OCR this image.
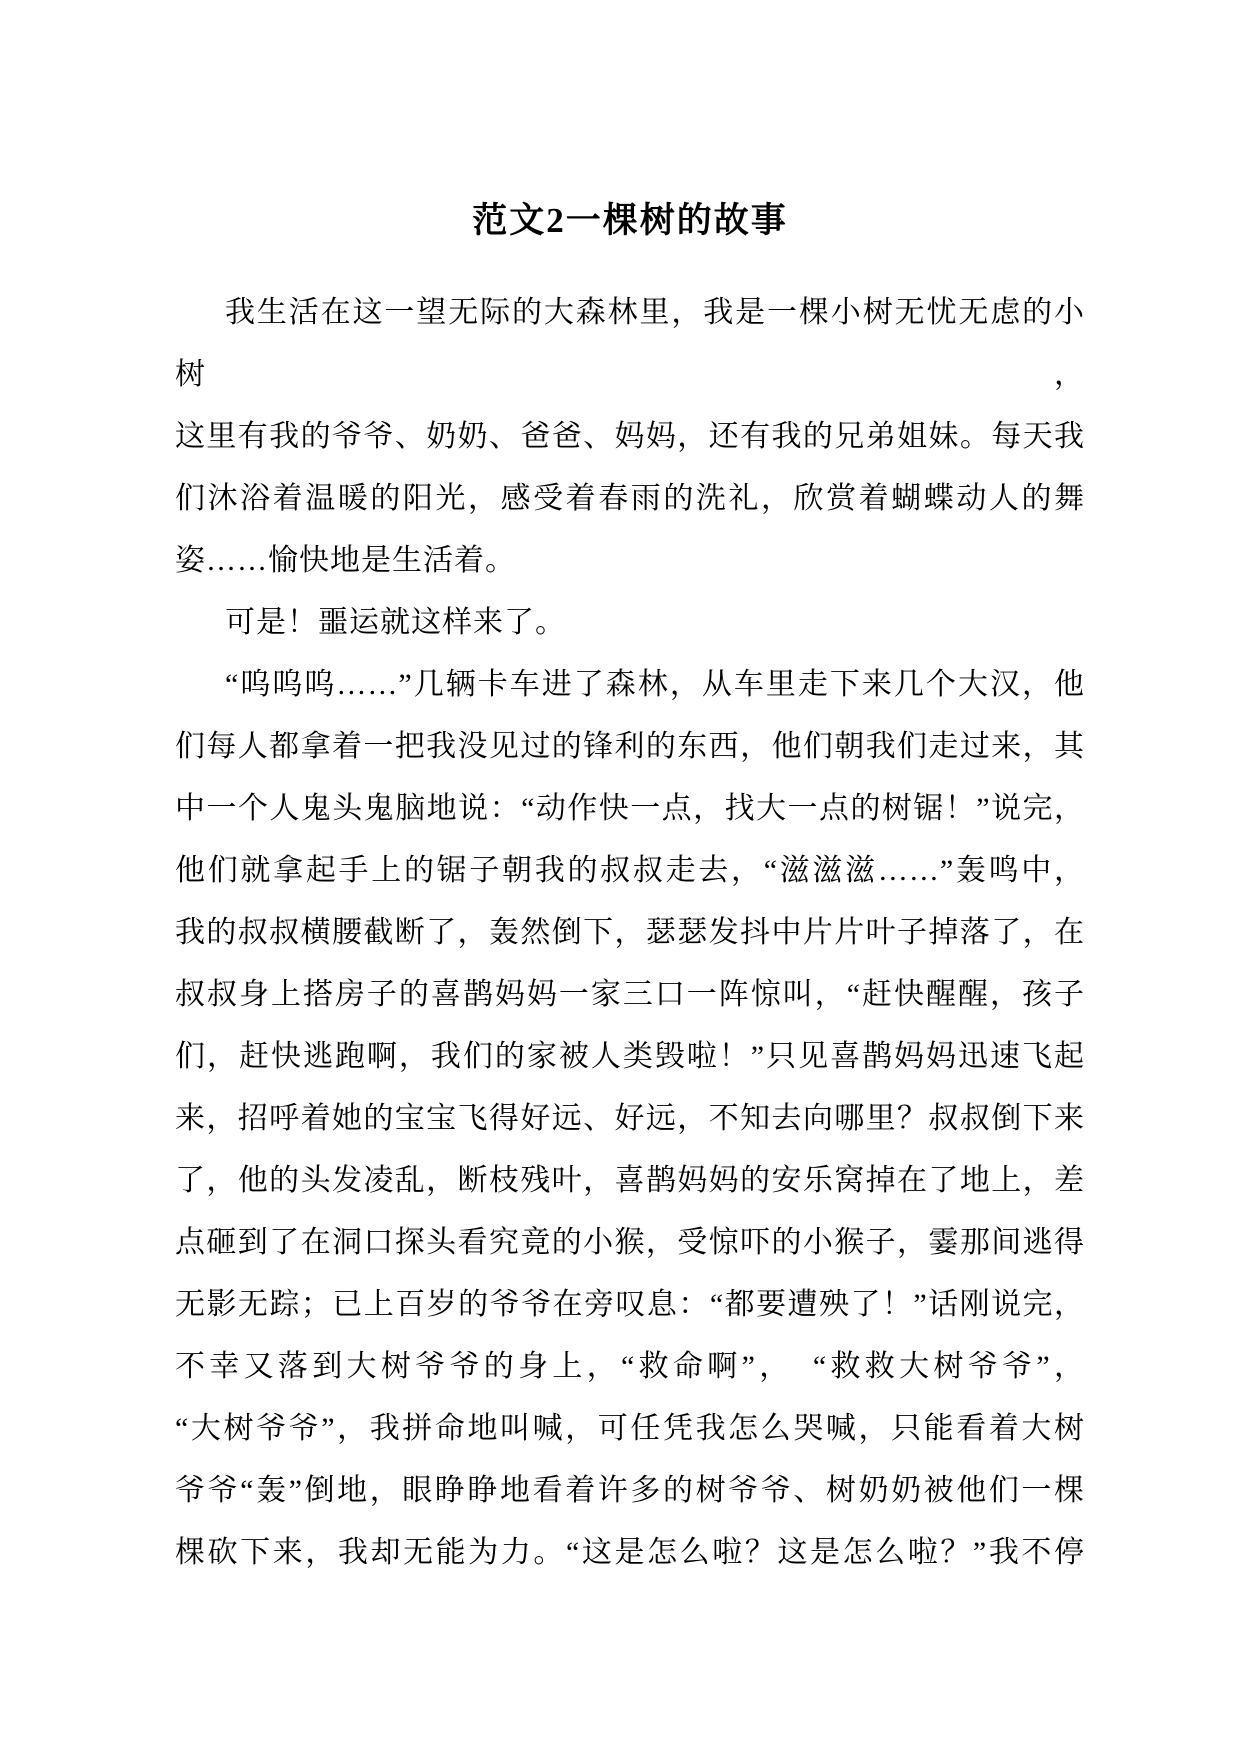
范文2一棵树的故事
我生活在这一望无际的大森林里，我是一棵小树无忧无虑的小树，
这里有我的爷爷、奶奶、爸爸、妈妈，还有我的兄弟姐妹。每天我
们沐浴着温暖的阳光，感受着春雨的洗礼，欣赏着蝴蝶动人的舞
姿……愉快地是生活着。
可是！噩运就这样来了。
“呜呜呜……”几辆卡车进了森林，从车里走下来几个大汉，他
们每人都拿着一把我没见过的锋利的东西，他们朝我们走过来，其
中一个人鬼头鬼脑地说：“动作快一点，找大一点的树锯！”说完，
他们就拿起手上的锯子朝我的叔叔走去，“滋滋滋……”轰鸣中，
我的叔叔横腰截断了，轰然倒下，瑟瑟发抖中片片叶子掉落了，在
叔叔身上搭房子的喜鹊妈妈一家三口一阵惊叫，“赶快醒醒，孩子
们，赶快逃跑啊，我们的家被人类毁啦！”只见喜鹊妈妈迅速飞起
来，招呼着她的宝宝飞得好远、好远，不知去向哪里？叔叔倒下来
了，他的头发凌乱，断枝残叶，喜鹊妈妈的安乐窝掉在了地上，差
点砸到了在洞口探头看究竟的小猴，受惊吓的小猴子，霎那间逃得
无影无踪；已上百岁的爷爷在旁叹息：“都要遭殃了！”话刚说完，
不幸又落到大树爷爷的身上，“救命啊”，　“救救大树爷爷”，
“大树爷爷”，我拼命地叫喊，可任凭我怎么哭喊，只能看着大树
爷爷“轰”倒地，眼睁睁地看着许多的树爷爷、树奶奶被他们一棵
棵砍下来，我却无能为力。“这是怎么啦？这是怎么啦？”我不停
